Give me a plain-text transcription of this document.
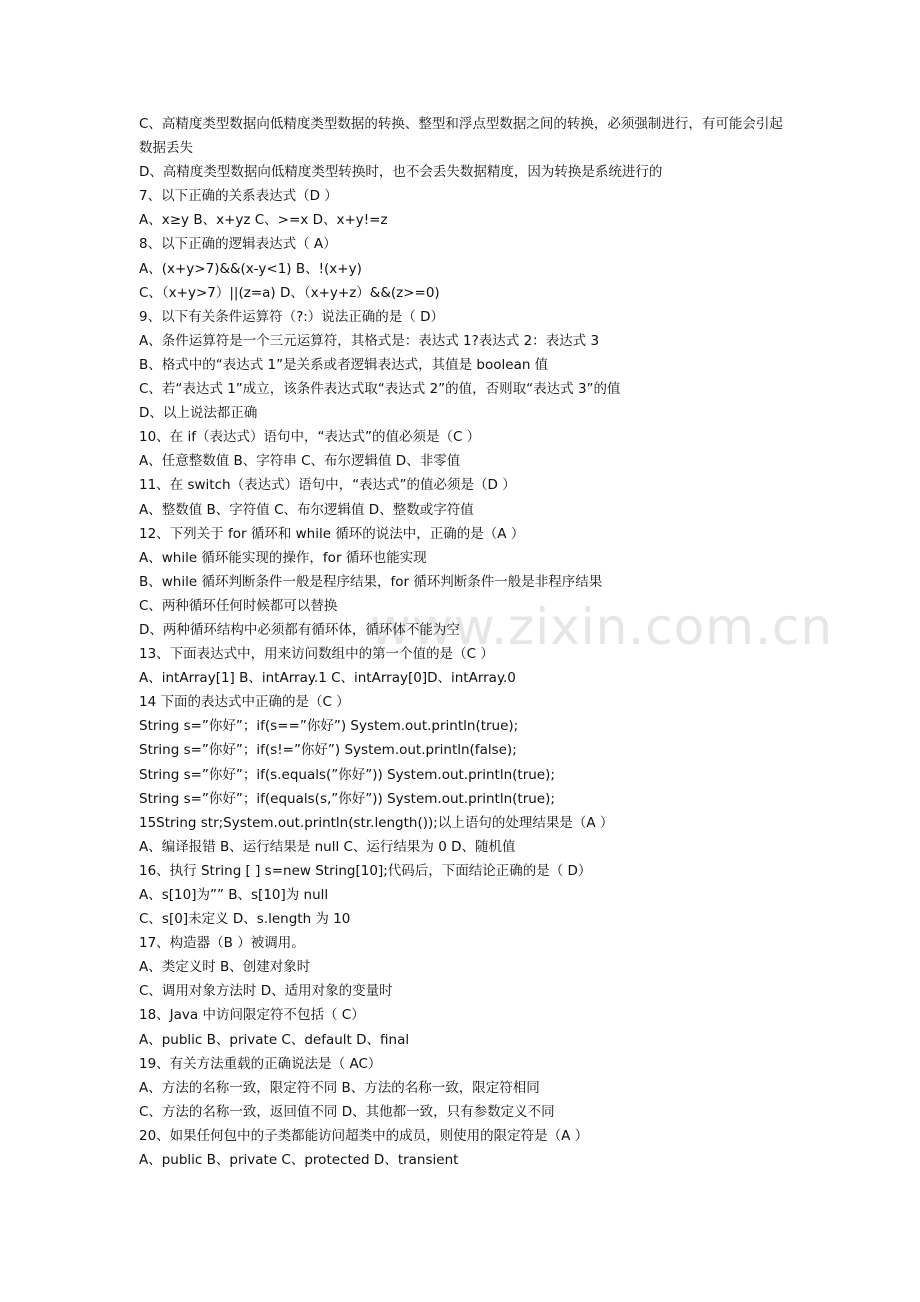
www.zixin.com.cn
C、高精度类型数据向低精度类型数据的转换、整型和浮点型数据之间的转换，必须强制进行，有可能会引起数据丢失
D、高精度类型数据向低精度类型转换时，也不会丢失数据精度，因为转换是系统进行的
7、以下正确的关系表达式（D ）
A、x≥y B、x+yz C、>=x D、x+y!=z
8、以下正确的逻辑表达式（ A）
A、(x+y>7)&&(x-y<1) B、!(x+y)
C、（x+y>7）||(z=a) D、（x+y+z）&&(z>=0)
9、以下有关条件运算符（?:）说法正确的是（ D）
A、条件运算符是一个三元运算符，其格式是：表达式 1?表达式 2：表达式 3
B、格式中的“表达式 1”是关系或者逻辑表达式，其值是 boolean 值
C、若“表达式 1”成立，该条件表达式取“表达式 2”的值，否则取“表达式 3”的值
D、以上说法都正确
10、在 if（表达式）语句中，“表达式”的值必须是（C ）
A、任意整数值 B、字符串 C、布尔逻辑值 D、非零值
11、在 switch（表达式）语句中，“表达式”的值必须是（D ）
A、整数值 B、字符值 C、布尔逻辑值 D、整数或字符值
12、下列关于 for 循环和 while 循环的说法中，正确的是（A ）
A、while 循环能实现的操作，for 循环也能实现
B、while 循环判断条件一般是程序结果，for 循环判断条件一般是非程序结果
C、两种循环任何时候都可以替换
D、两种循环结构中必须都有循环体，循环体不能为空
13、下面表达式中，用来访问数组中的第一个值的是（C ）
A、intArray[1] B、intArray.1 C、intArray[0]D、intArray.0
14 下面的表达式中正确的是（C ）
String s=”你好”；if(s==”你好”) System.out.println(true);
String s=”你好”；if(s!=”你好”) System.out.println(false);
String s=”你好”；if(s.equals(”你好”)) System.out.println(true);
String s=”你好”；if(equals(s,”你好”)) System.out.println(true);
15String str;System.out.println(str.length());以上语句的处理结果是（A ）
A、编译报错 B、运行结果是 null C、运行结果为 0 D、随机值
16、执行 String [ ] s=new String[10];代码后，下面结论正确的是（ D）
A、s[10]为”” B、s[10]为 null
C、s[0]未定义 D、s.length 为 10
17、构造器（B ）被调用。
A、类定义时 B、创建对象时
C、调用对象方法时 D、适用对象的变量时
18、Java 中访问限定符不包括（ C）
A、public B、private C、default D、final
19、有关方法重载的正确说法是（ AC）
A、方法的名称一致，限定符不同 B、方法的名称一致，限定符相同
C、方法的名称一致，返回值不同 D、其他都一致，只有参数定义不同
20、如果任何包中的子类都能访问超类中的成员，则使用的限定符是（A ）
A、public B、private C、protected D、transient
